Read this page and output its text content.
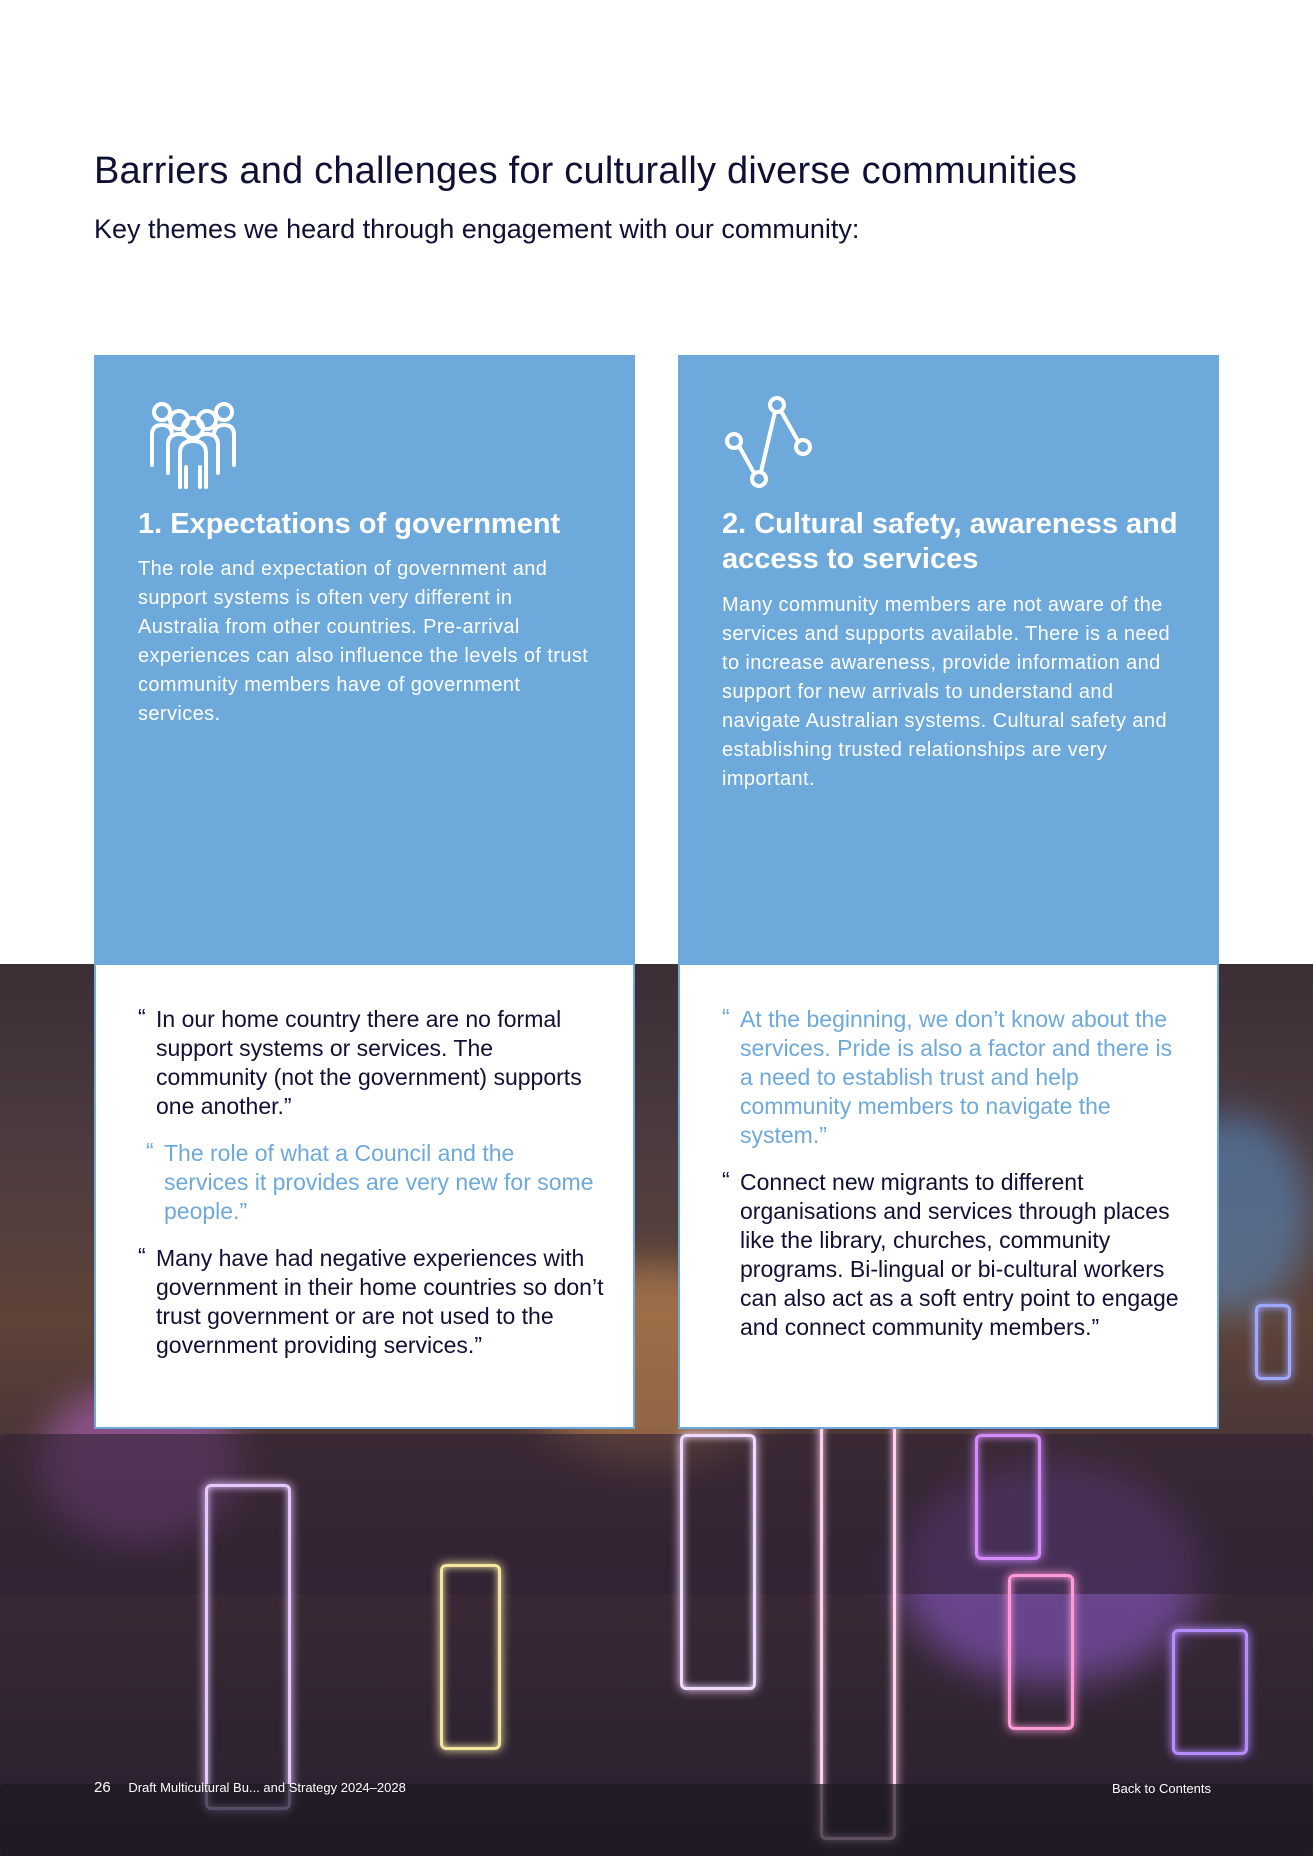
Barriers and challenges for culturally diverse communities
Key themes we heard through engagement with our community:
1. Expectations of government

The role and expectation of government and support systems is often very different in Australia from other countries. Pre-arrival experiences can also influence the levels of trust community members have of government services.

“ In our home country there are no formal support systems or services. The community (not the government) supports one another.”

“ The role of what a Council and the services it provides are very new for some people.”

“ Many have had negative experiences with government in their home countries so don’t trust government or are not used to the government providing services.”

2. Cultural safety, awareness and access to services

Many community members are not aware of the services and supports available. There is a need to increase awareness, provide information and support for new arrivals to understand and navigate Australian systems. Cultural safety and establishing trusted relationships are very important.

“ At the beginning, we don’t know about the services. Pride is also a factor and there is a need to establish trust and help community members to navigate the system.”

“ Connect new migrants to different organisations and services through places like the library, churches, community programs. Bi-lingual or bi-cultural workers can also act as a soft entry point to engage and connect community members.”

26 Draft Multicultural Bu... and Strategy 2024–2028	Back to Contents
